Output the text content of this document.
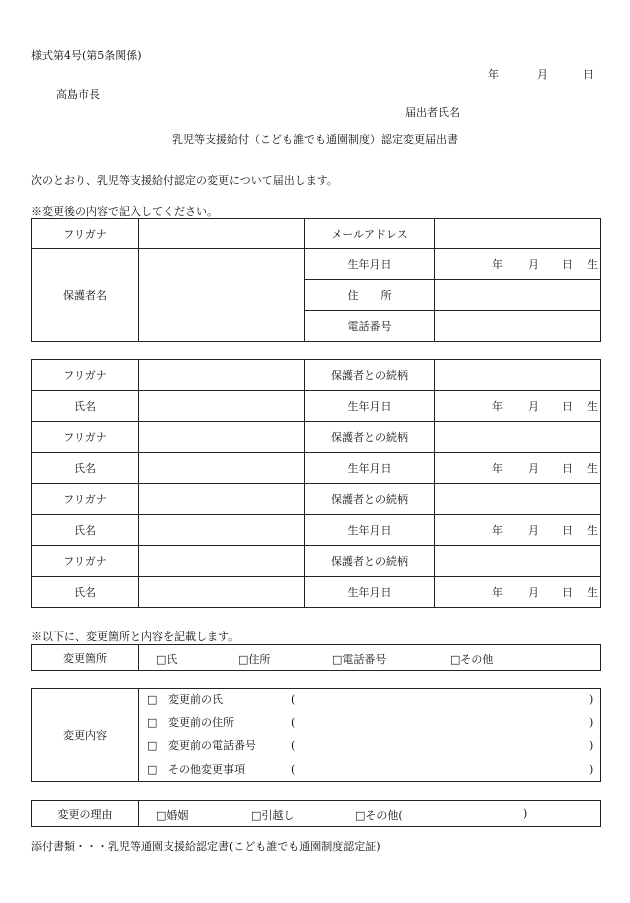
様式第4号(第5条関係)
年	月	日
高島市長
届出者氏名
乳児等支援給付（こども誰でも通園制度）認定変更届出書
次のとおり、乳児等支援給付認定の変更について届出します。
※変更後の内容で記入してください。
フリガナ		メールアドレス	
保護者名		生年月日	年 月 日 生

		住　　所	
		電話番号	
フリガナ		保護者との続柄	
氏名		生年月日	年 月 日 生

フリガナ		保護者との続柄	
氏名		生年月日	年 月 日 生

フリガナ		保護者との続柄	
氏名		生年月日	年 月 日 生

フリガナ		保護者との続柄	
氏名		生年月日	年 月 日 生
※以下に、変更箇所と内容を記載します。
変更箇所	□氏	□住所	□電話番号	□その他
変更内容	
□ 変更前の氏	(	)
□ 変更前の住所	(	)
□ 変更前の電話番号	(	)
□ その他変更事項	(	)
変更の理由	□婚姻	□引越し	□その他(	)
添付書類・・・乳児等通園支援給認定書(こども誰でも通園制度認定証)
